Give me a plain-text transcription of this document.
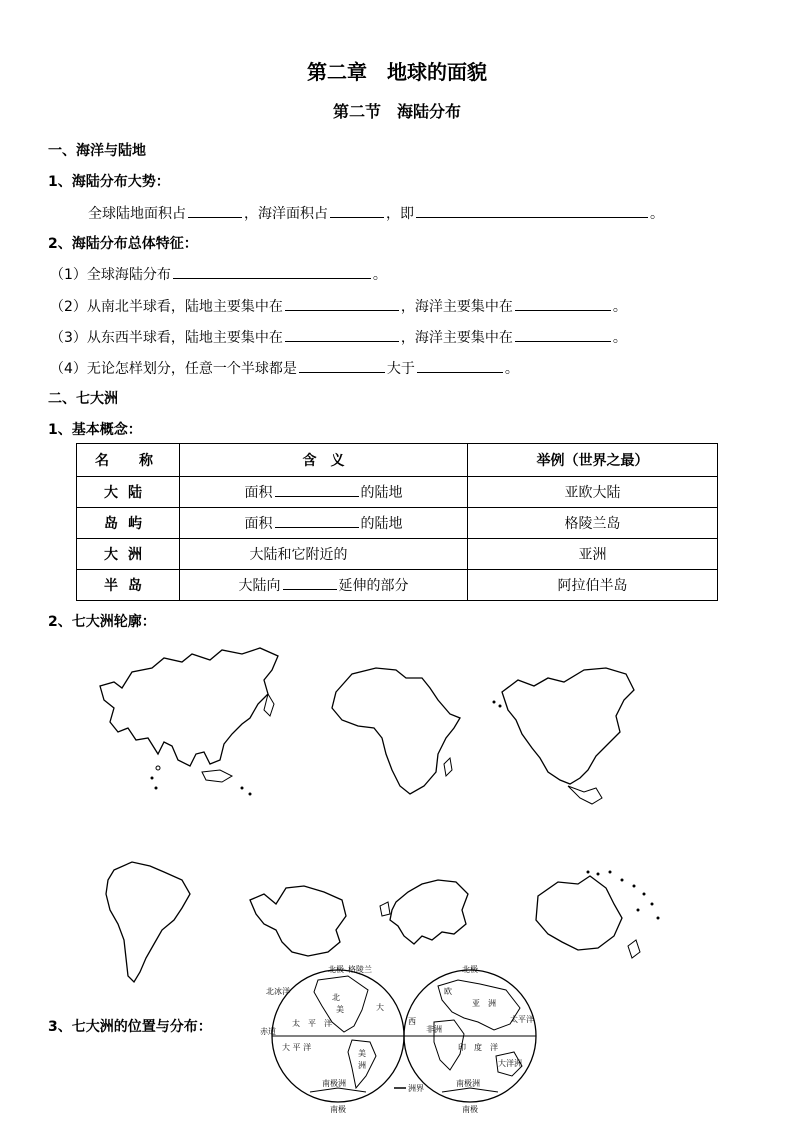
第二章　地球的面貌
第二节　海陆分布
一、海洋与陆地
1、海陆分布大势：
全球陆地面积占	，海洋面积占	，即	。
2、海陆分布总体特征：
（1）全球海陆分布	。
（2）从南北半球看，陆地主要集中在	，海洋主要集中在	。
（3）从东西半球看，陆地主要集中在	，海洋主要集中在	。
（4）无论怎样划分，任意一个半球都是	大于	。
二、七大洲
1、基本概念：
名　称	含　义	举例（世界之最）
大陆	面积 的陆地	亚欧大陆
岛屿	面积 的陆地	格陵兰岛
大洲	大陆和它附近的	亚洲
半岛	大陆向 延伸的部分	阿拉伯半岛
2、七大洲轮廓：
3、七大洲的位置与分布：
北极 格陵兰
北冰洋
北
美
太　平　洋
大
赤道
大 平 洋
美
洲
南极洲
南极
北极
欧
亚　洲
西
非洲
印　度　洋
太平洋
大洋洲
南极洲
南极
洲界
